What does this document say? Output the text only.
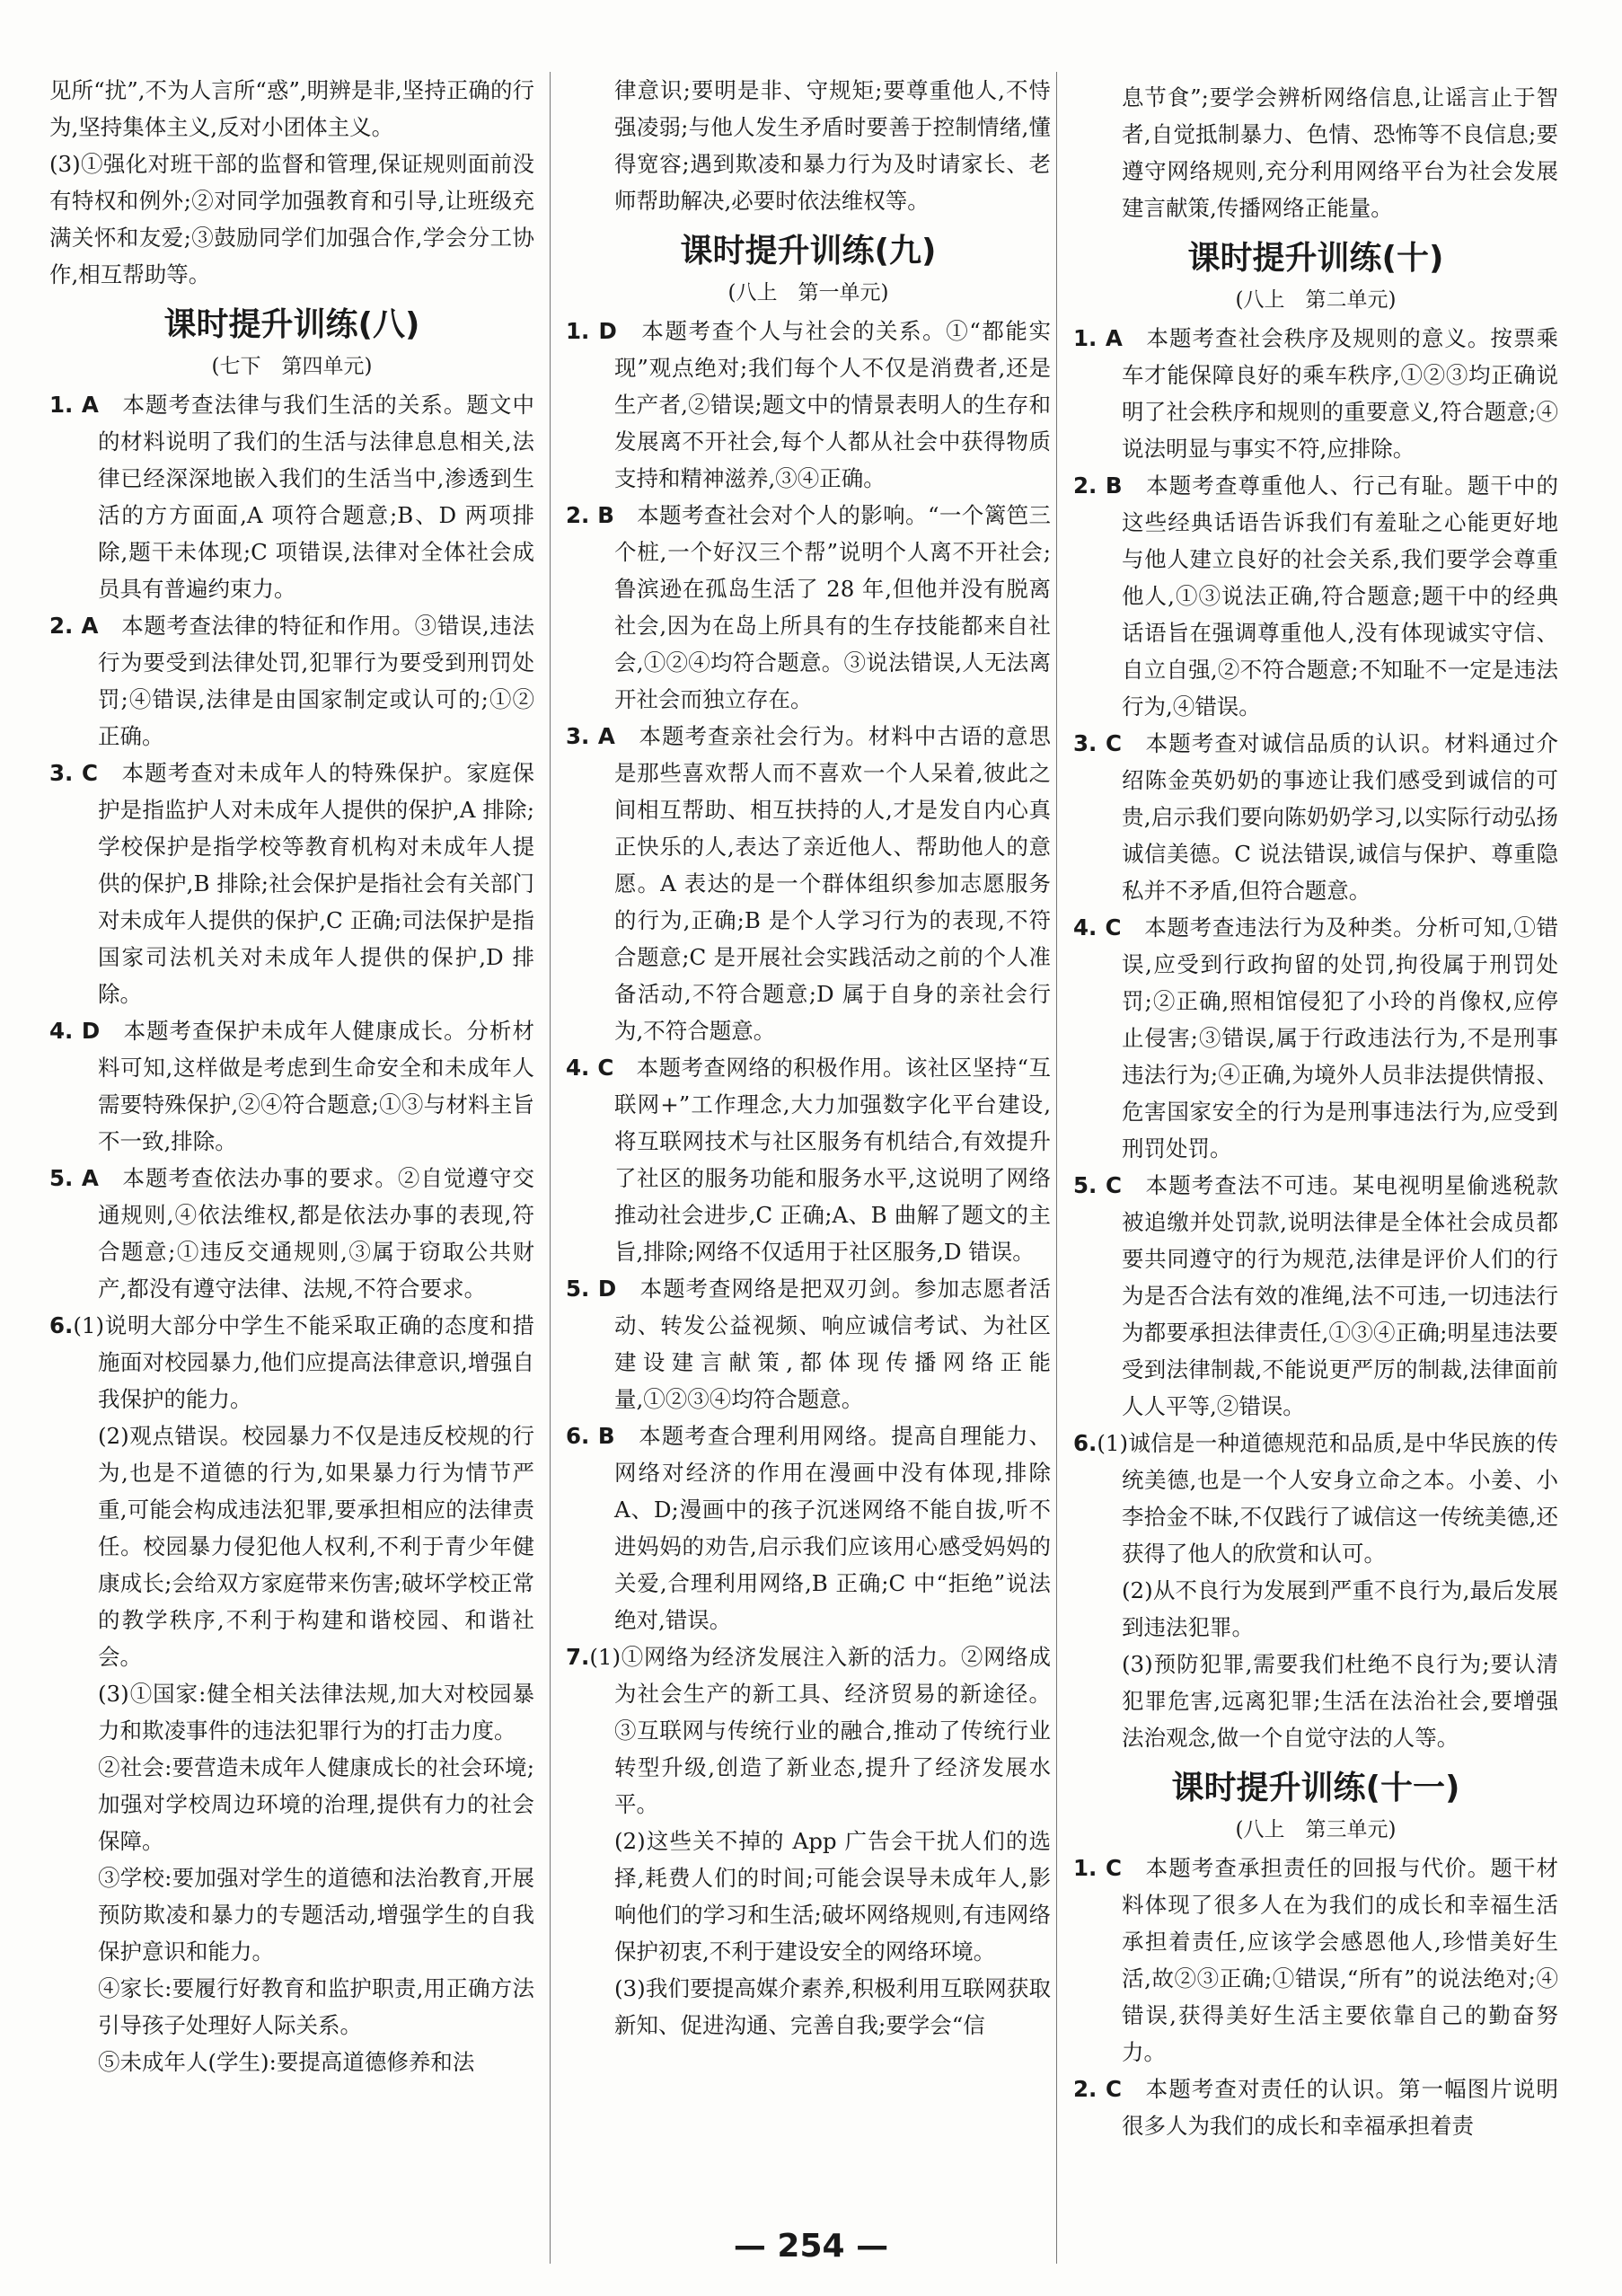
见所“扰”,不为人言所“惑”,明辨是非,坚持正确的行为,坚持集体主义,反对小团体主义。

(3)①强化对班干部的监督和管理,保证规则面前没有特权和例外;②对同学加强教育和引导,让班级充满关怀和友爱;③鼓励同学们加强合作,学会分工协作,相互帮助等。

课时提升训练(八)
(七下　第四单元)

1. A　本题考查法律与我们生活的关系。题文中的材料说明了我们的生活与法律息息相关,法律已经深深地嵌入我们的生活当中,渗透到生活的方方面面,A 项符合题意;B、D 两项排除,题干未体现;C 项错误,法律对全体社会成员具有普遍约束力。

2. A　本题考查法律的特征和作用。③错误,违法行为要受到法律处罚,犯罪行为要受到刑罚处罚;④错误,法律是由国家制定或认可的;①②正确。

3. C　本题考查对未成年人的特殊保护。家庭保护是指监护人对未成年人提供的保护,A 排除;学校保护是指学校等教育机构对未成年人提供的保护,B 排除;社会保护是指社会有关部门对未成年人提供的保护,C 正确;司法保护是指国家司法机关对未成年人提供的保护,D 排除。

4. D　本题考查保护未成年人健康成长。分析材料可知,这样做是考虑到生命安全和未成年人需要特殊保护,②④符合题意;①③与材料主旨不一致,排除。

5. A　本题考查依法办事的要求。②自觉遵守交通规则,④依法维权,都是依法办事的表现,符合题意;①违反交通规则,③属于窃取公共财产,都没有遵守法律、法规,不符合要求。

6.(1)说明大部分中学生不能采取正确的态度和措施面对校园暴力,他们应提高法律意识,增强自我保护的能力。

(2)观点错误。校园暴力不仅是违反校规的行为,也是不道德的行为,如果暴力行为情节严重,可能会构成违法犯罪,要承担相应的法律责任。校园暴力侵犯他人权利,不利于青少年健康成长;会给双方家庭带来伤害;破坏学校正常的教学秩序,不利于构建和谐校园、和谐社会。

(3)①国家:健全相关法律法规,加大对校园暴力和欺凌事件的违法犯罪行为的打击力度。

②社会:要营造未成年人健康成长的社会环境;加强对学校周边环境的治理,提供有力的社会保障。

③学校:要加强对学生的道德和法治教育,开展预防欺凌和暴力的专题活动,增强学生的自我保护意识和能力。

④家长:要履行好教育和监护职责,用正确方法引导孩子处理好人际关系。

⑤未成年人(学生):要提高道德修养和法

律意识;要明是非、守规矩;要尊重他人,不恃强凌弱;与他人发生矛盾时要善于控制情绪,懂得宽容;遇到欺凌和暴力行为及时请家长、老师帮助解决,必要时依法维权等。

课时提升训练(九)
(八上　第一单元)

1. D　本题考查个人与社会的关系。①“都能实现”观点绝对;我们每个人不仅是消费者,还是生产者,②错误;题文中的情景表明人的生存和发展离不开社会,每个人都从社会中获得物质支持和精神滋养,③④正确。

2. B　本题考查社会对个人的影响。“一个篱笆三个桩,一个好汉三个帮”说明个人离不开社会;鲁滨逊在孤岛生活了 28 年,但他并没有脱离社会,因为在岛上所具有的生存技能都来自社会,①②④均符合题意。③说法错误,人无法离开社会而独立存在。

3. A　本题考查亲社会行为。材料中古语的意思是那些喜欢帮人而不喜欢一个人呆着,彼此之间相互帮助、相互扶持的人,才是发自内心真正快乐的人,表达了亲近他人、帮助他人的意愿。A 表达的是一个群体组织参加志愿服务的行为,正确;B 是个人学习行为的表现,不符合题意;C 是开展社会实践活动之前的个人准备活动,不符合题意;D 属于自身的亲社会行为,不符合题意。

4. C　本题考查网络的积极作用。该社区坚持“互联网+”工作理念,大力加强数字化平台建设,将互联网技术与社区服务有机结合,有效提升了社区的服务功能和服务水平,这说明了网络推动社会进步,C 正确;A、B 曲解了题文的主旨,排除;网络不仅适用于社区服务,D 错误。

5. D　本题考查网络是把双刃剑。参加志愿者活动、转发公益视频、响应诚信考试、为社区建设建言献策,都体现传播网络正能量,①②③④均符合题意。

6. B　本题考查合理利用网络。提高自理能力、网络对经济的作用在漫画中没有体现,排除 A、D;漫画中的孩子沉迷网络不能自拔,听不进妈妈的劝告,启示我们应该用心感受妈妈的关爱,合理利用网络,B 正确;C 中“拒绝”说法绝对,错误。

7.(1)①网络为经济发展注入新的活力。②网络成为社会生产的新工具、经济贸易的新途径。③互联网与传统行业的融合,推动了传统行业转型升级,创造了新业态,提升了经济发展水平。

(2)这些关不掉的 App 广告会干扰人们的选择,耗费人们的时间;可能会误导未成年人,影响他们的学习和生活;破坏网络规则,有违网络保护初衷,不利于建设安全的网络环境。

(3)我们要提高媒介素养,积极利用互联网获取新知、促进沟通、完善自我;要学会“信

息节食”;要学会辨析网络信息,让谣言止于智者,自觉抵制暴力、色情、恐怖等不良信息;要遵守网络规则,充分利用网络平台为社会发展建言献策,传播网络正能量。

课时提升训练(十)
(八上　第二单元)

1. A　本题考查社会秩序及规则的意义。按票乘车才能保障良好的乘车秩序,①②③均正确说明了社会秩序和规则的重要意义,符合题意;④说法明显与事实不符,应排除。

2. B　本题考查尊重他人、行己有耻。题干中的这些经典话语告诉我们有羞耻之心能更好地与他人建立良好的社会关系,我们要学会尊重他人,①③说法正确,符合题意;题干中的经典话语旨在强调尊重他人,没有体现诚实守信、自立自强,②不符合题意;不知耻不一定是违法行为,④错误。

3. C　本题考查对诚信品质的认识。材料通过介绍陈金英奶奶的事迹让我们感受到诚信的可贵,启示我们要向陈奶奶学习,以实际行动弘扬诚信美德。C 说法错误,诚信与保护、尊重隐私并不矛盾,但符合题意。

4. C　本题考查违法行为及种类。分析可知,①错误,应受到行政拘留的处罚,拘役属于刑罚处罚;②正确,照相馆侵犯了小玲的肖像权,应停止侵害;③错误,属于行政违法行为,不是刑事违法行为;④正确,为境外人员非法提供情报、危害国家安全的行为是刑事违法行为,应受到刑罚处罚。

5. C　本题考查法不可违。某电视明星偷逃税款被追缴并处罚款,说明法律是全体社会成员都要共同遵守的行为规范,法律是评价人们的行为是否合法有效的准绳,法不可违,一切违法行为都要承担法律责任,①③④正确;明星违法要受到法律制裁,不能说更严厉的制裁,法律面前人人平等,②错误。

6.(1)诚信是一种道德规范和品质,是中华民族的传统美德,也是一个人安身立命之本。小姜、小李拾金不昧,不仅践行了诚信这一传统美德,还获得了他人的欣赏和认可。

(2)从不良行为发展到严重不良行为,最后发展到违法犯罪。

(3)预防犯罪,需要我们杜绝不良行为;要认清犯罪危害,远离犯罪;生活在法治社会,要增强法治观念,做一个自觉守法的人等。

课时提升训练(十一)
(八上　第三单元)

1. C　本题考查承担责任的回报与代价。题干材料体现了很多人在为我们的成长和幸福生活承担着责任,应该学会感恩他人,珍惜美好生活,故②③正确;①错误,“所有”的说法绝对;④错误,获得美好生活主要依靠自己的勤奋努力。

2. C　本题考查对责任的认识。第一幅图片说明很多人为我们的成长和幸福承担着责

— 254 —
